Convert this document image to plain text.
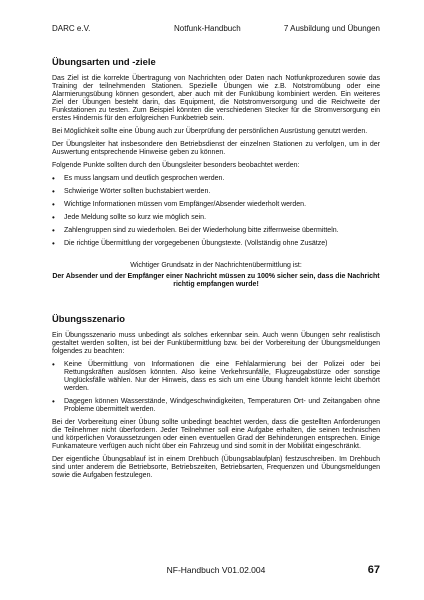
DARC e.V.	Notfunk-Handbuch	7 Ausbildung und Übungen
Übungsarten und -ziele

Das Ziel ist die korrekte Übertragung von Nachrichten oder Daten nach Notfunkprozeduren sowie das Training der teilnehmenden Stationen. Spezielle Übungen wie z.B. Notstromübung oder eine Alarmierungsübung können gesondert, aber auch mit der Funkübung kombiniert werden. Ein weiteres Ziel der Übungen besteht darin, das Equipment, die Notstromversorgung und die Reichweite der Funkstationen zu testen. Zum Beispiel könnten die verschiedenen Stecker für die Stromversorgung ein erstes Hindernis für den erfolgreichen Funkbetrieb sein.

Bei Möglichkeit sollte eine Übung auch zur Überprüfung der persönlichen Ausrüstung genutzt werden.

Der Übungsleiter hat insbesondere den Betriebsdienst der einzelnen Stationen zu verfolgen, um in der Auswertung entsprechende Hinweise geben zu können.

Folgende Punkte sollten durch den Übungsleiter besonders beobachtet werden:

• Es muss langsam und deutlich gesprochen werden.
• Schwierige Wörter sollten buchstabiert werden.
• Wichtige Informationen müssen vom Empfänger/Absender wiederholt werden.
• Jede Meldung sollte so kurz wie möglich sein.
• Zahlengruppen sind zu wiederholen. Bei der Wiederholung bitte ziffernweise übermitteln.
• Die richtige Übermittlung der vorgegebenen Übungstexte. (Vollständig ohne Zusätze)

Wichtiger Grundsatz in der Nachrichtenübermittlung ist:

Der Absender und der Empfänger einer Nachricht müssen zu 100% sicher sein, dass die Nachricht richtig empfangen wurde!

Übungsszenario

Ein Übungsszenario muss unbedingt als solches erkennbar sein. Auch wenn Übungen sehr realistisch gestaltet werden sollten, ist bei der Funkübermittlung bzw. bei der Vorbereitung der Übungsmeldungen folgendes zu beachten:

• Keine Übermittlung von Informationen die eine Fehlalarmierung bei der Polizei oder bei Rettungskräften auslösen könnten. Also keine Verkehrsunfälle, Flugzeugabstürze oder sonstige Unglücksfälle wählen. Nur der Hinweis, dass es sich um eine Übung handelt könnte leicht überhört werden.
• Dagegen können Wasserstände, Windgeschwindigkeiten, Temperaturen Ort- und Zeitangaben ohne Probleme übermittelt werden.

Bei der Vorbereitung einer Übung sollte unbedingt beachtet werden, dass die gestellten Anforderungen die Teilnehmer nicht überfordern. Jeder Teilnehmer soll eine Aufgabe erhalten, die seinen technischen und körperlichen Voraussetzungen oder einen eventuellen Grad der Behinderungen entsprechen. Einige Funkamateure verfügen auch nicht über ein Fahrzeug und sind somit in der Mobilität eingeschränkt.

Der eigentliche Übungsablauf ist in einem Drehbuch (Übungsablaufplan) festzuschreiben. Im Drehbuch sind unter anderem die Betriebsorte, Betriebszeiten, Betriebsarten, Frequenzen und Übungsmeldungen sowie die Aufgaben festzulegen.

NF-Handbuch V01.02.004	67
